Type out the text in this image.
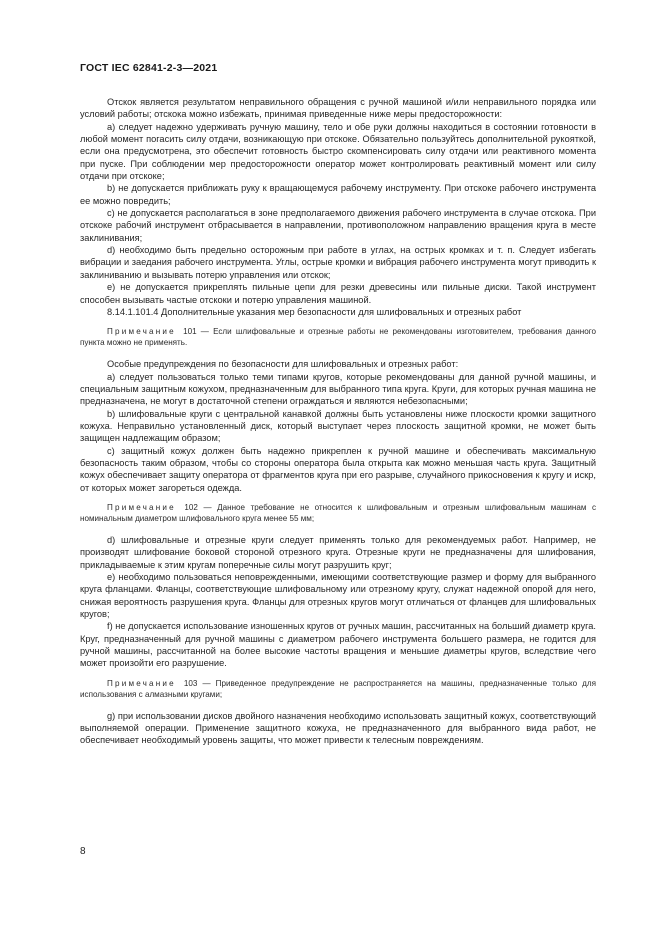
ГОСТ IEC 62841-2-3—2021

Отскок является результатом неправильного обращения с ручной машиной и/или неправильного порядка или условий работы; отскока можно избежать, принимая приведенные ниже меры предосторожности:

а) следует надежно удерживать ручную машину, тело и обе руки должны находиться в состоянии готовности в любой момент погасить силу отдачи, возникающую при отскоке. Обязательно пользуйтесь дополнительной рукояткой, если она предусмотрена, это обеспечит готовность быстро скомпенсировать силу отдачи или реактивного момента при пуске. При соблюдении мер предосторожности оператор может контролировать реактивный момент или силу отдачи при отскоке;

b) не допускается приближать руку к вращающемуся рабочему инструменту. При отскоке рабочего инструмента ее можно повредить;

с) не допускается располагаться в зоне предполагаемого движения рабочего инструмента в случае отскока. При отскоке рабочий инструмент отбрасывается в направлении, противоположном направлению вращения круга в месте заклинивания;

d) необходимо быть предельно осторожным при работе в углах, на острых кромках и т. п. Следует избегать вибрации и заедания рабочего инструмента. Углы, острые кромки и вибрация рабочего инструмента могут приводить к заклиниванию и вызывать потерю управления или отскок;

е) не допускается прикреплять пильные цепи для резки древесины или пильные диски. Такой инструмент способен вызывать частые отскоки и потерю управления машиной.

8.14.1.101.4 Дополнительные указания мер безопасности для шлифовальных и отрезных работ

Примечание 101 — Если шлифовальные и отрезные работы не рекомендованы изготовителем, требования данного пункта можно не применять.

Особые предупреждения по безопасности для шлифовальных и отрезных работ:

а) следует пользоваться только теми типами кругов, которые рекомендованы для данной ручной машины, и специальным защитным кожухом, предназначенным для выбранного типа круга. Круги, для которых ручная машина не предназначена, не могут в достаточной степени ограждаться и являются небезопасными;

b) шлифовальные круги с центральной канавкой должны быть установлены ниже плоскости кромки защитного кожуха. Неправильно установленный диск, который выступает через плоскость защитной кромки, не может быть защищен надлежащим образом;

с) защитный кожух должен быть надежно прикреплен к ручной машине и обеспечивать максимальную безопасность таким образом, чтобы со стороны оператора была открыта как можно меньшая часть круга. Защитный кожух обеспечивает защиту оператора от фрагментов круга при его разрыве, случайного прикосновения к кругу и искр, от которых может загореться одежда.

Примечание 102 — Данное требование не относится к шлифовальным и отрезным шлифовальным машинам с номинальным диаметром шлифовального круга менее 55 мм;

d) шлифовальные и отрезные круги следует применять только для рекомендуемых работ. Например, не производят шлифование боковой стороной отрезного круга. Отрезные круги не предназначены для шлифования, прикладываемые к этим кругам поперечные силы могут разрушить круг;

е) необходимо пользоваться неповрежденными, имеющими соответствующие размер и форму для выбранного круга фланцами. Фланцы, соответствующие шлифовальному или отрезному кругу, служат надежной опорой для него, снижая вероятность разрушения круга. Фланцы для отрезных кругов могут отличаться от фланцев для шлифовальных кругов;

f) не допускается использование изношенных кругов от ручных машин, рассчитанных на больший диаметр круга. Круг, предназначенный для ручной машины с диаметром рабочего инструмента большего размера, не годится для ручной машины, рассчитанной на более высокие частоты вращения и меньшие диаметры кругов, вследствие чего может произойти его разрушение.

Примечание 103 — Приведенное предупреждение не распространяется на машины, предназначенные только для использования с алмазными кругами;

g) при использовании дисков двойного назначения необходимо использовать защитный кожух, соответствующий выполняемой операции. Применение защитного кожуха, не предназначенного для выбранного вида работ, не обеспечивает необходимый уровень защиты, что может привести к телесным повреждениям.

8
